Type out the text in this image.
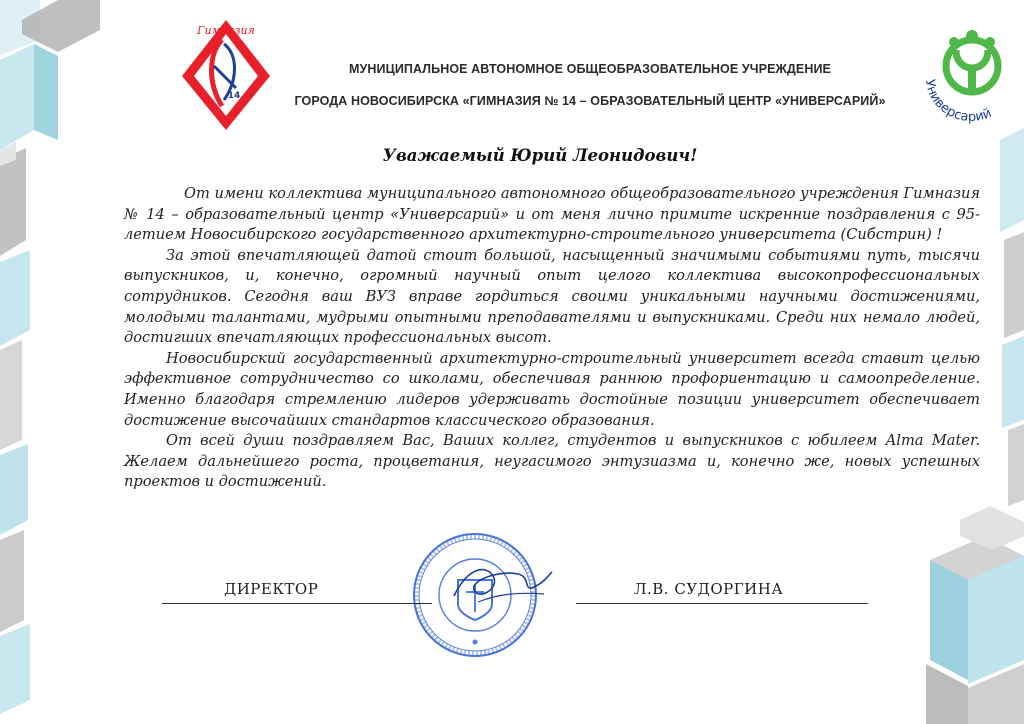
Гимназия
14
Универсарий
МУНИЦИПАЛЬНОЕ АВТОНОМНОЕ ОБЩЕОБРАЗОВАТЕЛЬНОЕ УЧРЕЖДЕНИЕ
ГОРОДА НОВОСИБИРСКА «ГИМНАЗИЯ № 14 – ОБРАЗОВАТЕЛЬНЫЙ ЦЕНТР «УНИВЕРСАРИЙ»
Уважаемый Юрий Леонидович!

От имени коллектива муниципального автономного общеобразовательного учреждения Гимназия № 14 – образовательный центр «Универсарий» и от меня лично примите искренние поздравления с 95-летием Новосибирского государственного архитектурно-строительного университета (Сибстрин) !

За этой впечатляющей датой стоит большой, насыщенный значимыми событиями путь, тысячи выпускников, и, конечно, огромный научный опыт целого коллектива высокопрофессиональных сотрудников. Сегодня ваш ВУЗ вправе гордиться своими уникальными научными достижениями, молодыми талантами, мудрыми опытными преподавателями и выпускниками. Среди них немало людей, достигших впечатляющих профессиональных высот.

Новосибирский государственный архитектурно-строительный университет всегда ставит целью эффективное сотрудничество со школами, обеспечивая раннюю профориентацию и самоопределение. Именно благодаря стремлению лидеров удерживать достойные позиции университет обеспечивает достижение высочайших стандартов классического образования.

От всей души поздравляем Вас, Ваших коллег, студентов и выпускников с юбилеем Alma Mater. Желаем дальнейшего роста, процветания, неугасимого энтузиазма и, конечно же, новых успешных проектов и достижений.

ДИРЕКТОР	Л.В. СУДОРГИНА
